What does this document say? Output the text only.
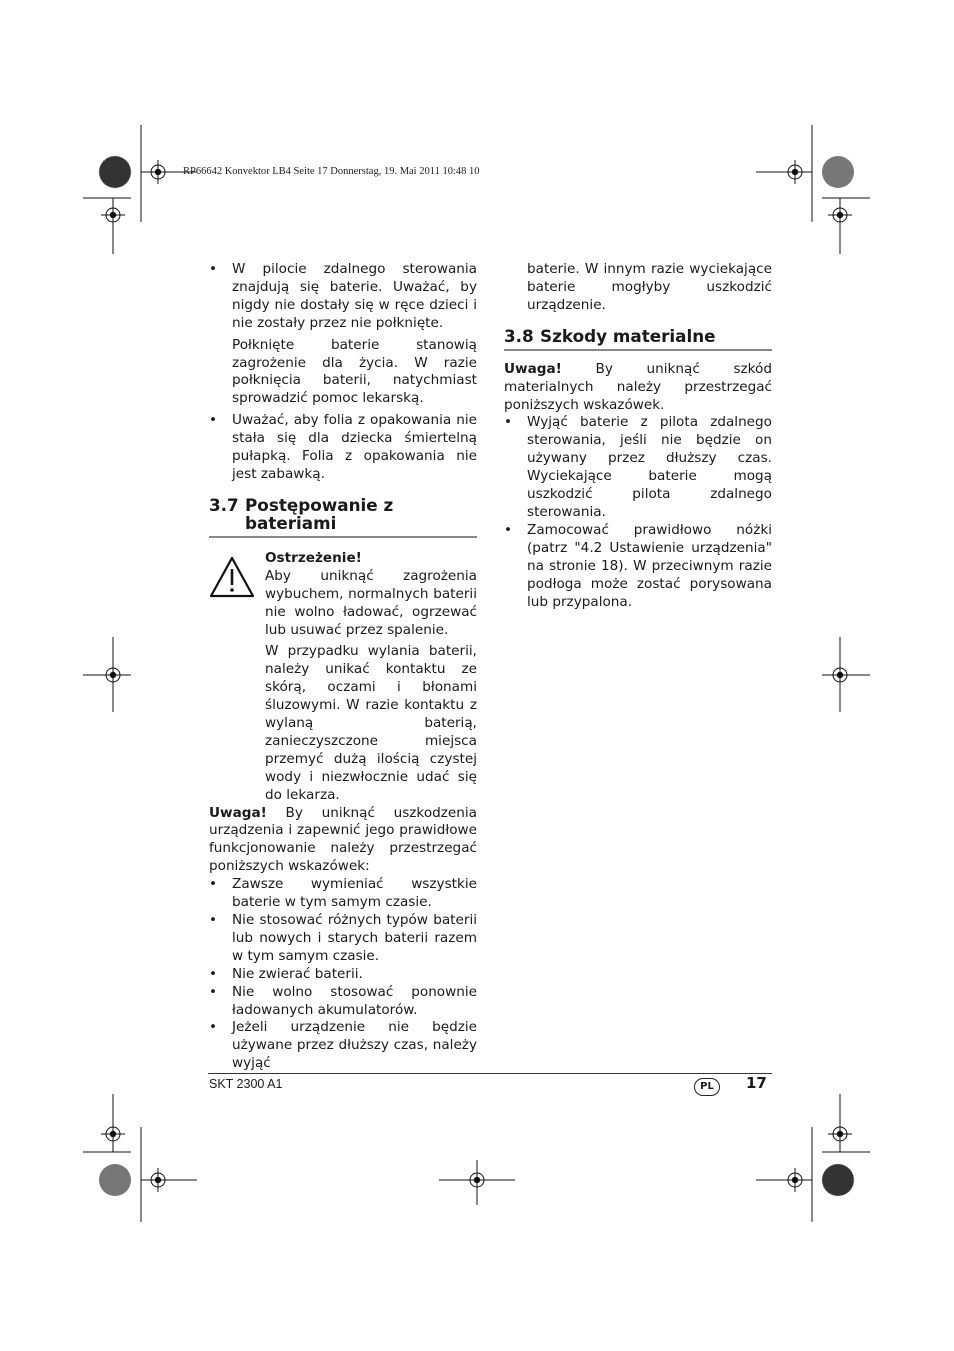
RP66642 Konvektor LB4 Seite 17 Donnerstag, 19. Mai 2011 10:48 10

• W pilocie zdalnego sterowania znajdują się baterie. Uważać, by nigdy nie dostały się w ręce dzieci i nie zostały przez nie połknięte.

Połknięte baterie stanowią zagrożenie dla życia. W razie połknięcia baterii, natychmiast sprowadzić pomoc lekarską.

• Uważać, aby folia z opakowania nie stała się dla dziecka śmiertelną pułapką. Folia z opakowania nie jest zabawką.

3.7 Postępowanie z
bateriami

Ostrzeżenie!

Aby uniknąć zagrożenia wybuchem, normalnych baterii nie wolno ładować, ogrzewać lub usuwać przez spalenie.

W przypadku wylania baterii, należy unikać kontaktu ze skórą, oczami i błonami śluzowymi. W razie kontaktu z wylaną baterią, zanieczyszczone miejsca przemyć dużą ilością czystej wody i niezwłocznie udać się do lekarza.

Uwaga! By uniknąć uszkodzenia urządzenia i zapewnić jego prawidłowe funkcjonowanie należy przestrzegać poniższych wskazówek:

• Zawsze wymieniać wszystkie baterie w tym samym czasie.

• Nie stosować różnych typów baterii lub nowych i starych baterii razem w tym samym czasie.

• Nie zwierać baterii.

• Nie wolno stosować ponownie ładowanych akumulatorów.

• Jeżeli urządzenie nie będzie używane przez dłuższy czas, należy wyjąć

baterie. W innym razie wyciekające baterie mogłyby uszkodzić urządzenie.

3.8 Szkody materialne

Uwaga! By uniknąć szkód materialnych należy przestrzegać poniższych wskazówek.

• Wyjąć baterie z pilota zdalnego sterowania, jeśli nie będzie on używany przez dłuższy czas. Wyciekające baterie mogą uszkodzić pilota zdalnego sterowania.

• Zamocować prawidłowo nóżki (patrz "4.2 Ustawienie urządzenia" na stronie 18). W przeciwnym razie podłoga może zostać porysowana lub przypalona.

SKT 2300 A1	PL	17
